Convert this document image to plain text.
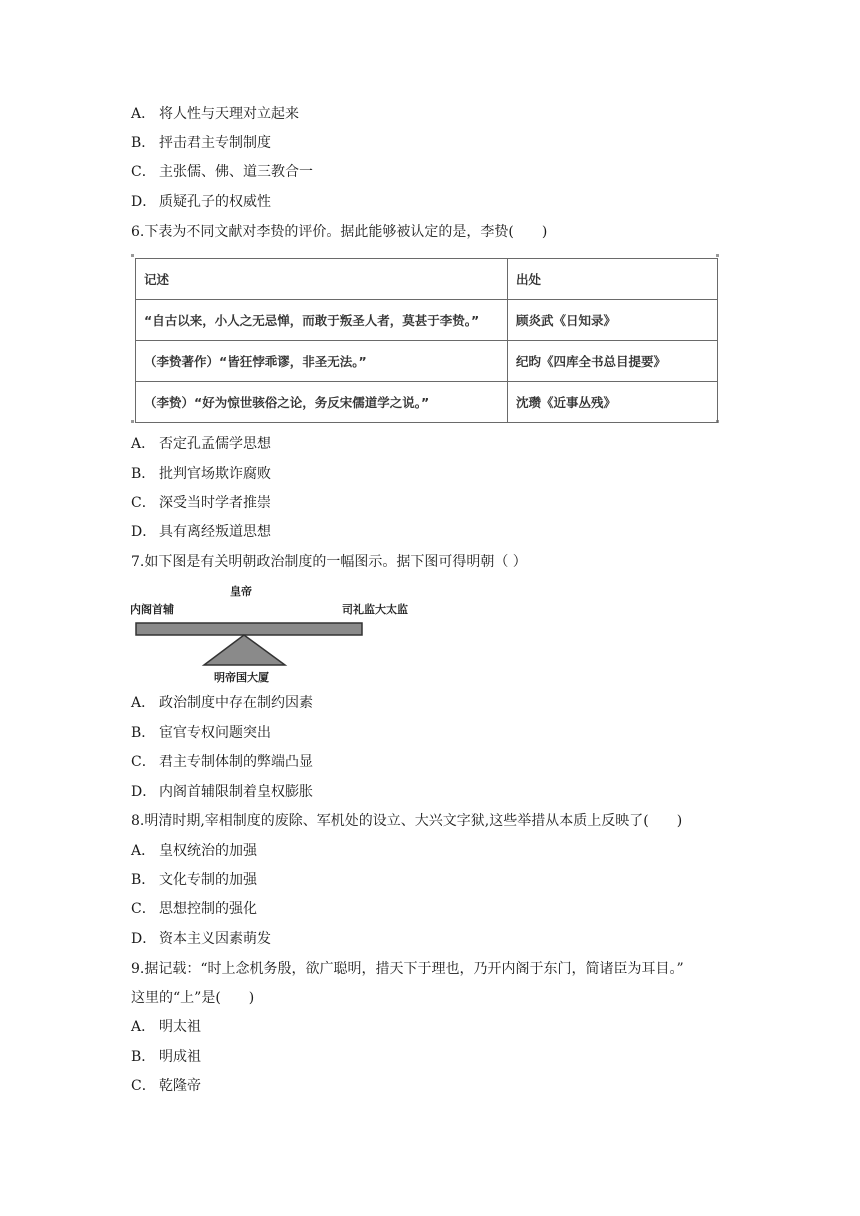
A． 将人性与天理对立起来
B． 抨击君主专制制度
C． 主张儒、佛、道三教合一
D． 质疑孔子的权威性
6.下表为不同文献对李贽的评价。据此能够被认定的是，李贽(　　)
记述	出处
“自古以来，小人之无忌惮，而敢于叛圣人者，莫甚于李贽。”	顾炎武《日知录》
（李贽著作）“皆狂悖乖谬，非圣无法。”	纪昀《四库全书总目提要》
（李贽）“好为惊世骇俗之论，务反宋儒道学之说。”	沈瓒《近事丛残》
A． 否定孔孟儒学思想
B． 批判官场欺诈腐败
C． 深受当时学者推崇
D． 具有离经叛道思想
7.如下图是有关明朝政治制度的一幅图示。据下图可得明朝（ ）
皇帝
内阁首辅	司礼监大太监
明帝国大厦
A． 政治制度中存在制约因素
B． 宦官专权问题突出
C． 君主专制体制的弊端凸显
D． 内阁首辅限制着皇权膨胀
8.明清时期,宰相制度的废除、军机处的设立、大兴文字狱,这些举措从本质上反映了(　　)
A． 皇权统治的加强
B． 文化专制的加强
C． 思想控制的强化
D． 资本主义因素萌发
9.据记载：“时上念机务殷，欲广聪明，措天下于理也，乃开内阁于东门，简诸臣为耳目。”
这里的“上”是(　　)
A． 明太祖
B． 明成祖
C． 乾隆帝
